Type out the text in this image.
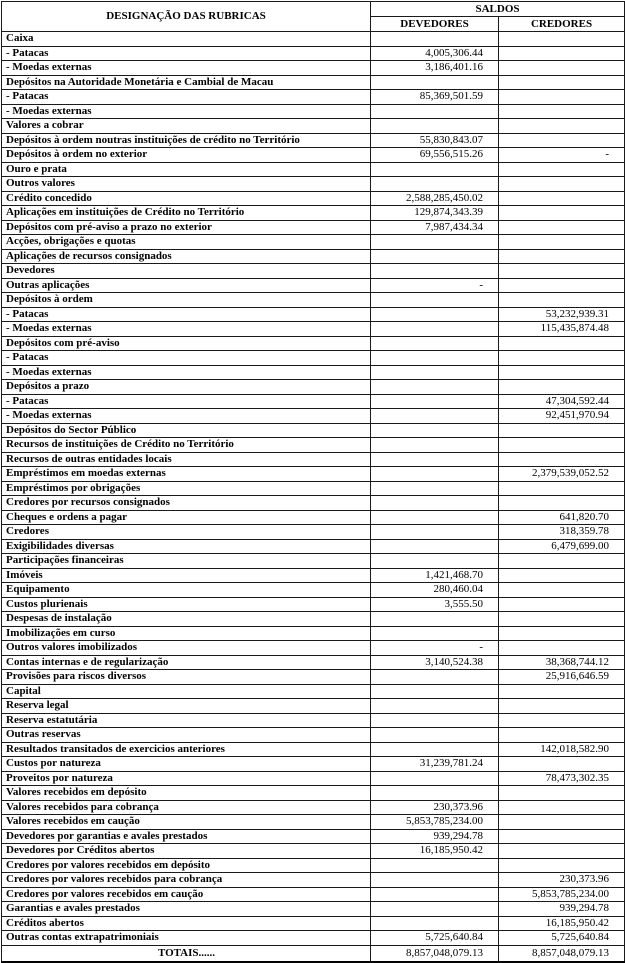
DESIGNAÇÃO DAS RUBRICAS	SALDOS	
	DEVEDORES	CREDORES
Caixa		
- Patacas	4,005,306.44	
- Moedas externas	3,186,401.16	
Depósitos na Autoridade Monetária e Cambial de Macau		
- Patacas	85,369,501.59	
- Moedas externas		
Valores a cobrar		
Depósitos à ordem noutras instituições de crédito no Território	55,830,843.07	
Depósitos à ordem no exterior	69,556,515.26	-
Ouro e prata		
Outros valores		
Crédito concedido	2,588,285,450.02	
Aplicações em instituições de Crédito no Território	129,874,343.39	
Depósitos com pré-aviso a prazo no exterior	7,987,434.34	
Acções, obrigações e quotas		
Aplicações de recursos consignados		
Devedores		
Outras aplicações	-	
Depósitos à ordem		
- Patacas		53,232,939.31
- Moedas externas		115,435,874.48
Depósitos com pré-aviso		
- Patacas		
- Moedas externas		
Depósitos a prazo		
- Patacas		47,304,592.44
- Moedas externas		92,451,970.94
Depósitos do Sector Público		
Recursos de instituições de Crédito no Território		
Recursos de outras entidades locais		
Empréstimos em moedas externas		2,379,539,052.52
Empréstimos por obrigações		
Credores por recursos consignados		
Cheques e ordens a pagar		641,820.70
Credores		318,359.78
Exigibilidades diversas		6,479,699.00
Participações financeiras		
Imóveis	1,421,468.70	
Equipamento	280,460.04	
Custos plurienais	3,555.50	
Despesas de instalação		
Imobilizações em curso		
Outros valores imobilizados	-	
Contas internas e de regularização	3,140,524.38	38,368,744.12
Provisões para riscos diversos		25,916,646.59
Capital		
Reserva legal		
Reserva estatutária		
Outras reservas		
Resultados transitados de exercicios anteriores		142,018,582.90
Custos por natureza	31,239,781.24	
Proveitos por natureza		78,473,302.35
Valores recebidos em depósito		
Valores recebidos para cobrança	230,373.96	
Valores recebidos em caução	5,853,785,234.00	
Devedores por garantias e avales prestados	939,294.78	
Devedores por Créditos abertos	16,185,950.42	
Credores por valores recebidos em depósito		
Credores por valores recebidos para cobrança		230,373.96
Credores por valores recebidos em caução		5,853,785,234.00
Garantias e avales prestados		939,294.78
Créditos abertos		16,185,950.42
Outras contas extrapatrimoniais	5,725,640.84	5,725,640.84
TOTAIS......	8,857,048,079.13	8,857,048,079.13
